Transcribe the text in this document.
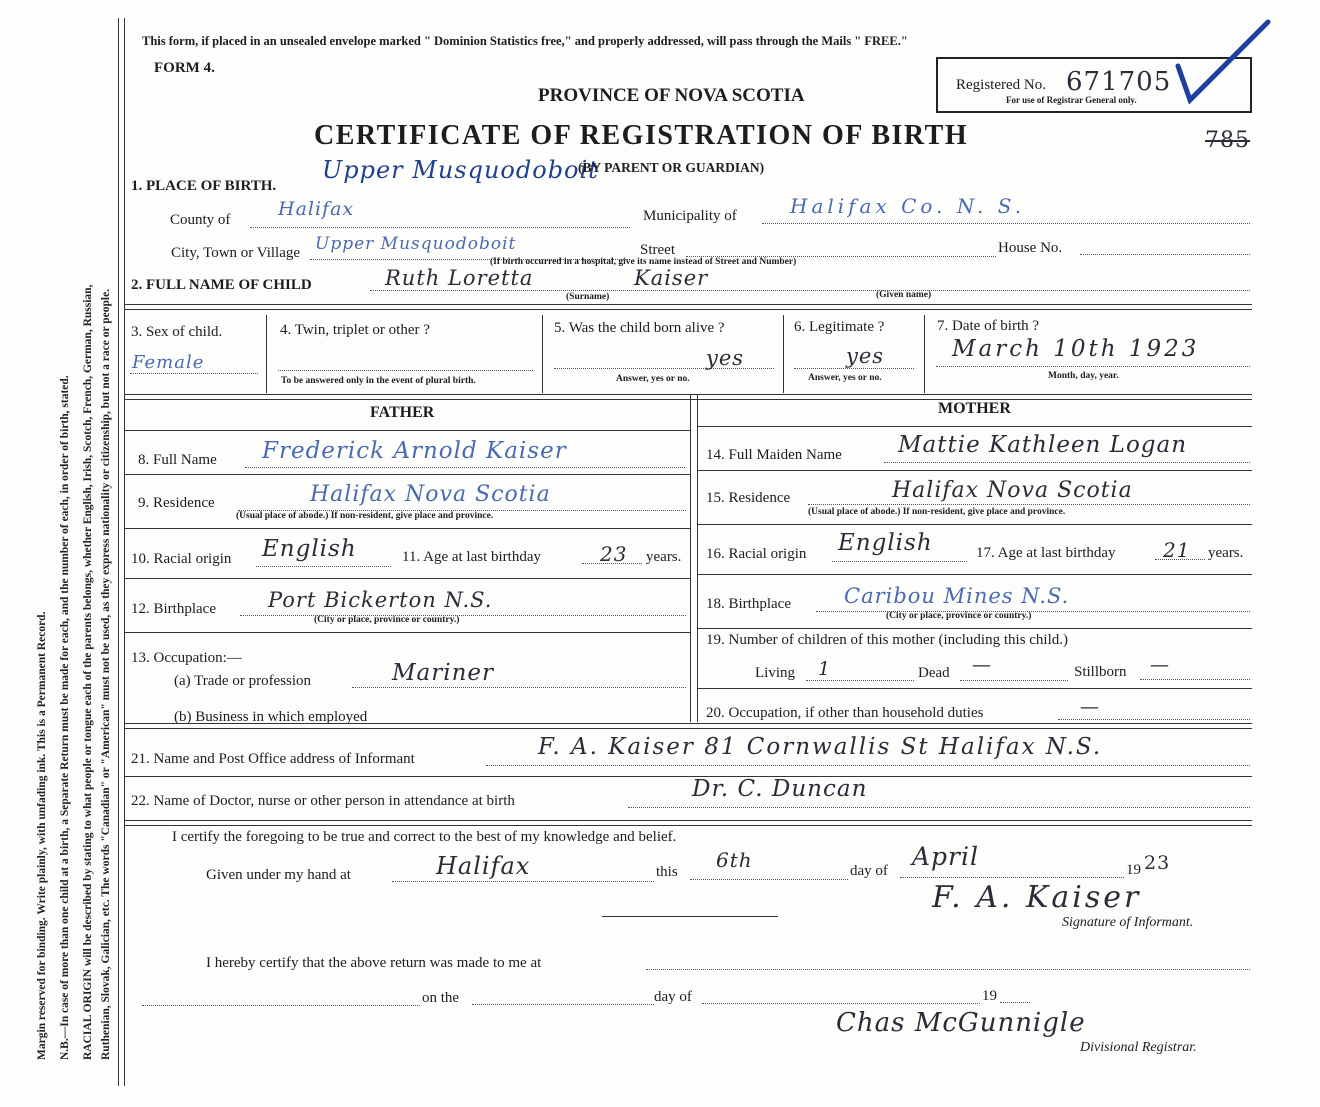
Margin reserved for binding. Write plainly, with unfading ink. This is a Permanent Record. N.B.—In case of more than one child at a birth, a Separate Return must be made for each, and the number of each, in order of birth, stated. RACIAL ORIGIN will be described by stating to what people or tongue each of the parents belongs, whether English, Irish, Scotch, French, German, Russian, Ruthenian, Slovak, Galician, etc. The words "Canadian" or "American" must not be used, as they express nationality or citizenship, but not a race or people.
This form, if placed in an unsealed envelope marked " Dominion Statistics free," and properly addressed, will pass through the Mails " FREE."
FORM 4.
PROVINCE OF NOVA SCOTIA	Registered No. 671705
For use of Registrar General only.
785
CERTIFICATE OF REGISTRATION OF BIRTH
1. PLACE OF BIRTH.
Upper Musquodoboit
(BY PARENT OR GUARDIAN)
County of	Halifax	Municipality of	Halifax Co. N. S.
City, Town or Village Upper Musquodoboit	Street	House No.
(If birth occurred in a hospital, give its name instead of Street and Number)
2. FULL NAME OF CHILD	Ruth Loretta	Kaiser
(Surname)	(Given name)
3. Sex of child.
Female
4. Twin, triplet or other ?
To be answered only in the event of plural birth.
5. Was the child born alive ?
yes
Answer, yes or no.
6. Legitimate ?
yes
Answer, yes or no.
7. Date of birth ?
March 10th 1923
Month, day, year.
FATHER	MOTHER
8. Full Name Frederick Arnold Kaiser
9. Residence	Halifax Nova Scotia
(Usual place of abode.) If non-resident, give place and province.
10. Racial origin English	11. Age at last birthday	23 years.
12. Birthplace Port Bickerton N.S.
(City or place, province or country.)
13. Occupation:—
(a) Trade or profession	Mariner
(b) Business in which employed
14. Full Maiden Name Mattie Kathleen Logan
15. Residence	Halifax Nova Scotia
(Usual place of abode.) If non-resident, give place and province.
16. Racial origin English	17. Age at last birthday 21 years.
18. Birthplace	Caribou Mines N.S.
(City or place, province or country.)
19. Number of children of this mother (including this child.)
Living 1	Dead —	Stillborn —
20. Occupation, if other than household duties	—
21. Name and Post Office address of Informant	F. A. Kaiser 81 Cornwallis St Halifax N.S.
22. Name of Doctor, nurse or other person in attendance at birth	Dr. C. Duncan
I certify the foregoing to be true and correct to the best of my knowledge and belief.
Given under my hand at	Halifax	this 6th	day of April	19 23
F. A. Kaiser
Signature of Informant.
I hereby certify that the above return was made to me at
on the	day of	19
Chas McGunnigle
Divisional Registrar.
